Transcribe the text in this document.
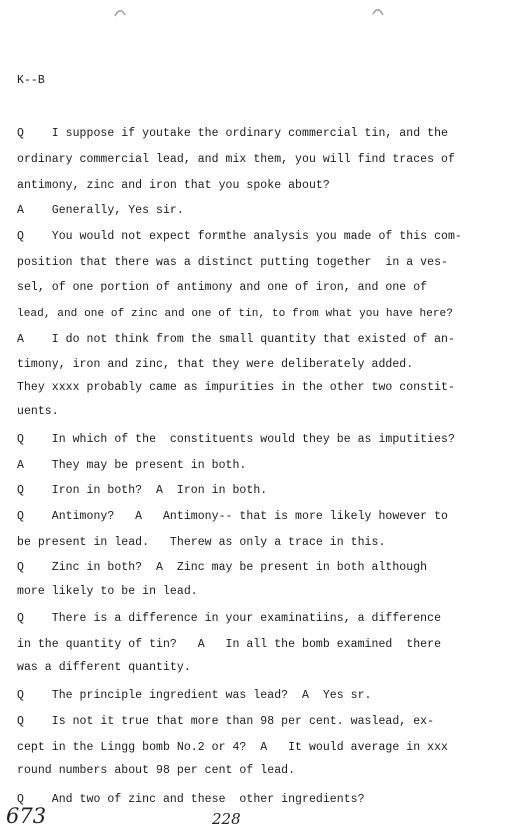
K--B
Q    I suppose if youtake the ordinary commercial tin, and the
ordinary commercial lead, and mix them, you will find traces of
antimony, zinc and iron that you spoke about?
A    Generally, Yes sir.
Q    You would not expect formthe analysis you made of this com-
position that there was a distinct putting together  in a ves-
sel, of one portion of antimony and one of iron, and one of
lead, and one of zinc and one of tin, to from what you have here?
A    I do not think from the small quantity that existed of an-
timony, iron and zinc, that they were deliberately added.
They xxxx probably came as impurities in the other two constit-
uents.
Q    In which of the  constituents would they be as imputities?
A    They may be present in both.
Q    Iron in both?  A  Iron in both.
Q    Antimony?   A   Antimony-- that is more likely however to
be present in lead.   Therew as only a trace in this.
Q    Zinc in both?  A  Zinc may be present in both although
more likely to be in lead.
Q    There is a difference in your examinatiins, a difference
in the quantity of tin?   A   In all the bomb examined  there
was a different quantity.
Q    The principle ingredient was lead?  A  Yes sr.
Q    Is not it true that more than 98 per cent. waslead, ex-
cept in the Lingg bomb No.2 or 4?  A   It would average in xxx
round numbers about 98 per cent of lead.
Q    And two of zinc and these  other ingredients?
673	228
